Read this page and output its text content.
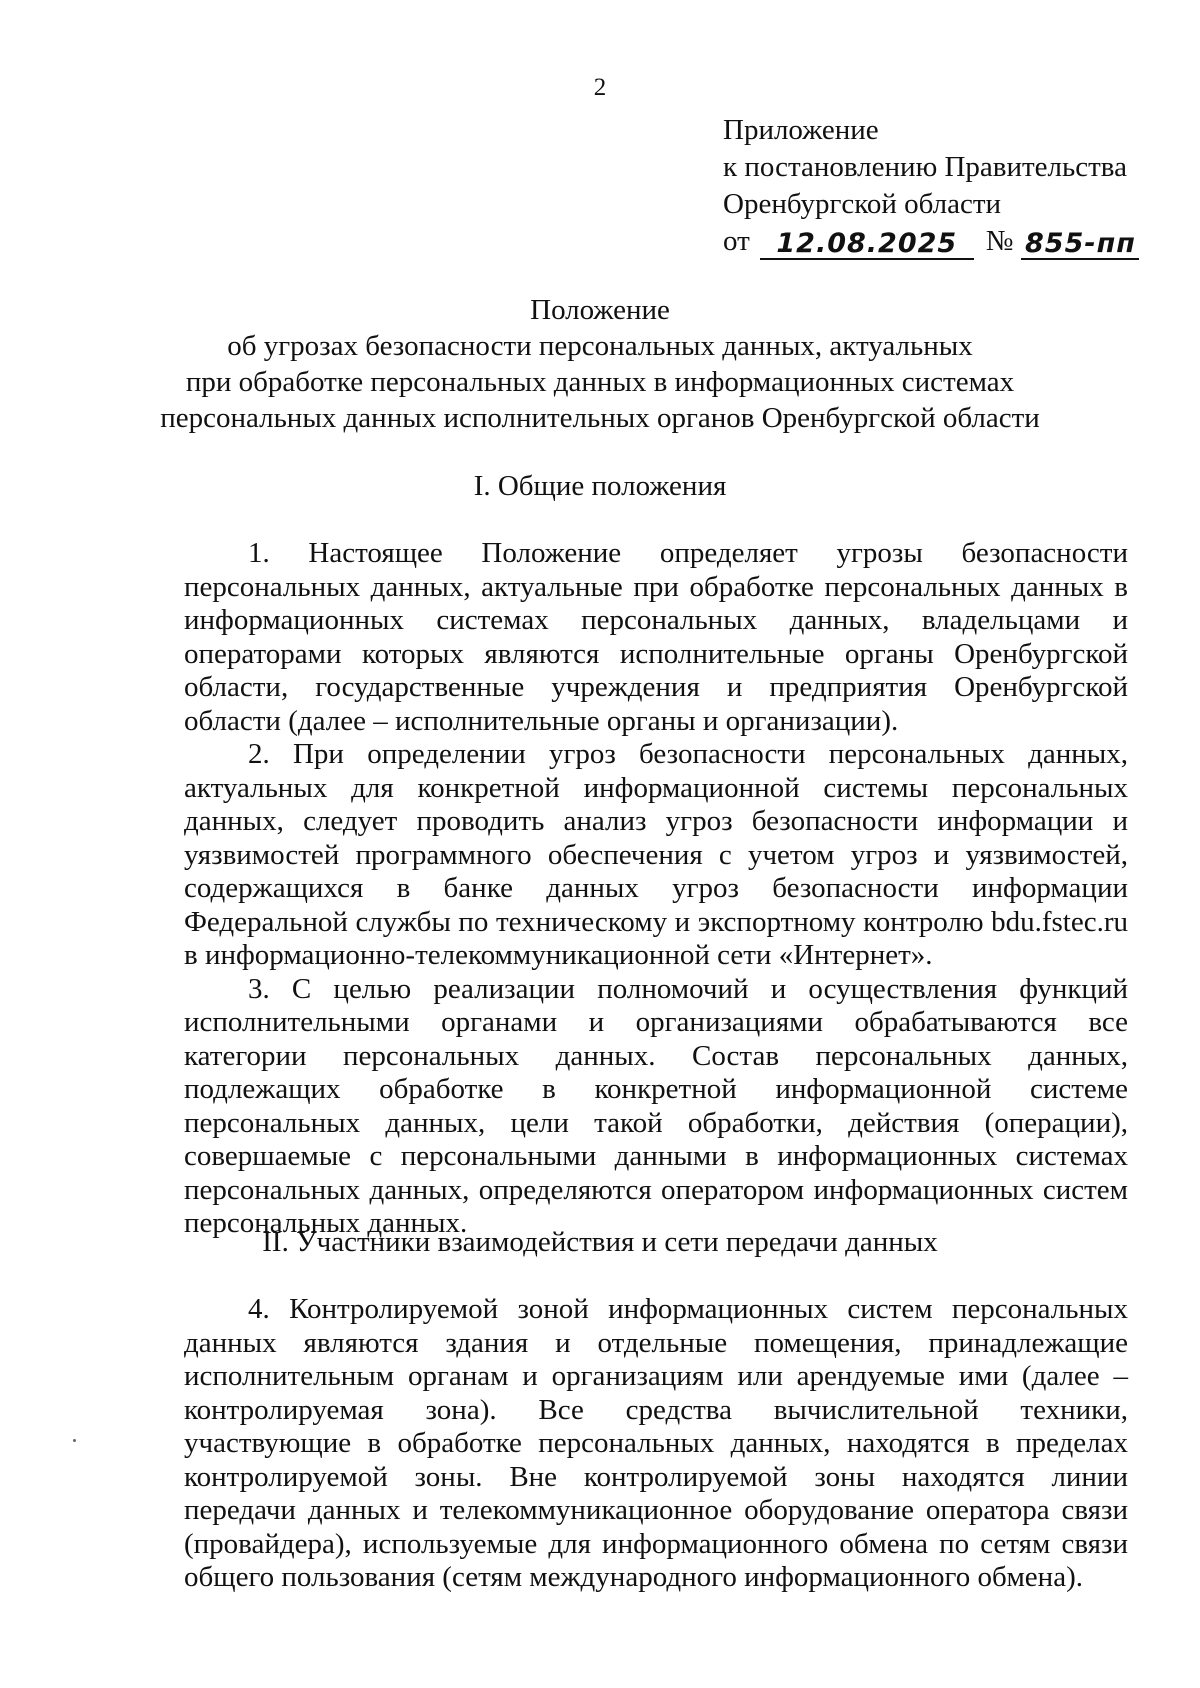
2
Приложение
к постановлению Правительства
Оренбургской области
от 12.08.2025 № 855-пп
Положение
об угрозах безопасности персональных данных, актуальных
при обработке персональных данных в информационных системах
персональных данных исполнительных органов Оренбургской области
I. Общие положения

1. Настоящее Положение определяет угрозы безопасности персональных данных, актуальные при обработке персональных данных в информационных системах персональных данных, владельцами и операторами которых являются исполнительные органы Оренбургской области, государственные учреждения и предприятия Оренбургской области (далее – исполнительные органы и организации).

2. При определении угроз безопасности персональных данных, актуальных для конкретной информационной системы персональных данных, следует проводить анализ угроз безопасности информации и уязвимостей программного обеспечения с учетом угроз и уязвимостей, содержащихся в банке данных угроз безопасности информации Федеральной службы по техническому и экспортному контролю bdu.fstec.ru в информационно-телекоммуникационной сети «Интернет».

3. С целью реализации полномочий и осуществления функций исполнительными органами и организациями обрабатываются все категории персональных данных. Состав персональных данных, подлежащих обработке в конкретной информационной системе персональных данных, цели такой обработки, действия (операции), совершаемые с персональными данными в информационных системах персональных данных, определяются оператором информационных систем персональных данных.

II. Участники взаимодействия и сети передачи данных

4. Контролируемой зоной информационных систем персональных данных являются здания и отдельные помещения, принадлежащие исполнительным органам и организациям или арендуемые ими (далее – контролируемая зона). Все средства вычислительной техники, участвующие в обработке персональных данных, находятся в пределах контролируемой зоны. Вне контролируемой зоны находятся линии передачи данных и телекоммуникационное оборудование оператора связи (провайдера), используемые для информационного обмена по сетям связи общего пользования (сетям международного информационного обмена).
